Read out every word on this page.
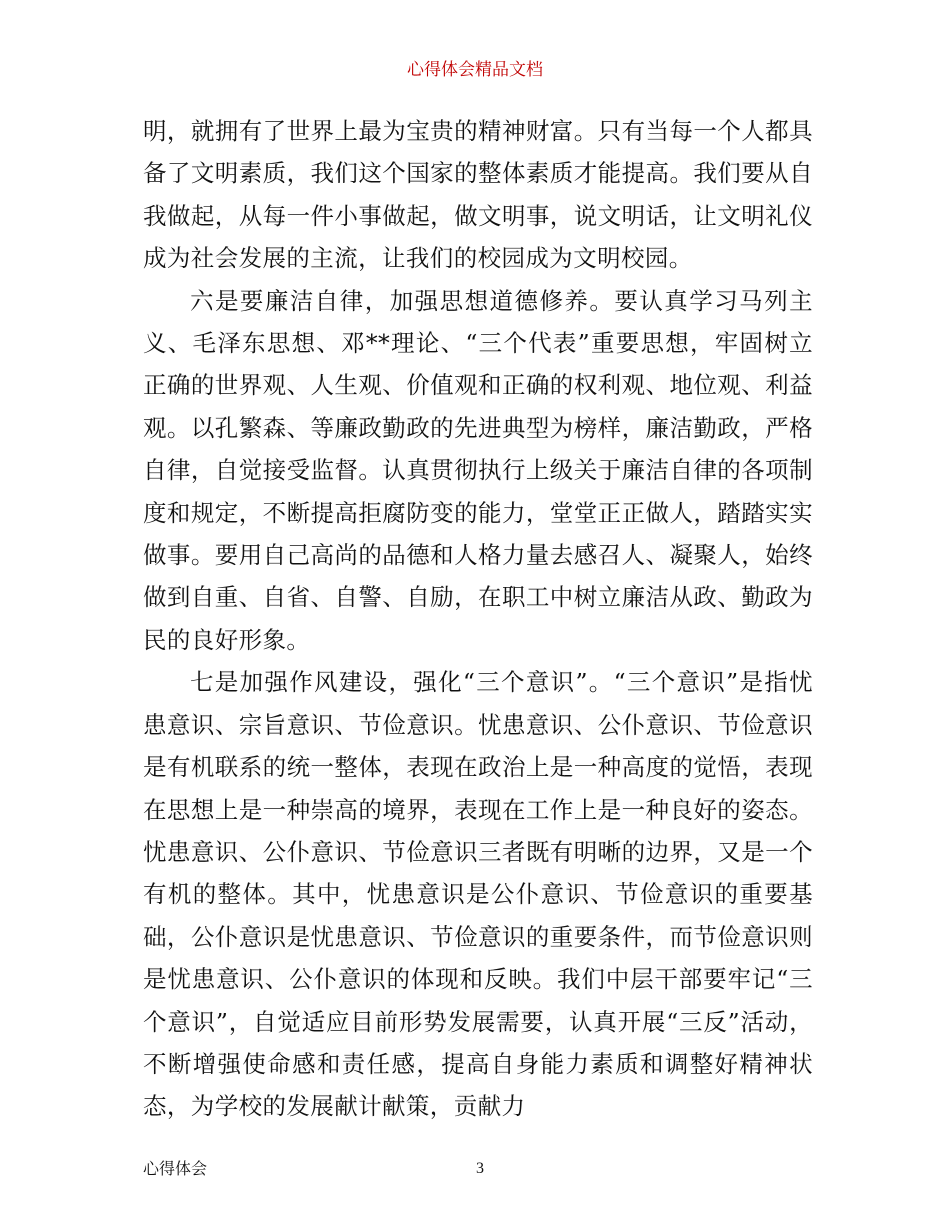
心得体会精品文档

明，就拥有了世界上最为宝贵的精神财富。只有当每一个人都具备了文明素质，我们这个国家的整体素质才能提高。我们要从自我做起，从每一件小事做起，做文明事，说文明话，让文明礼仪成为社会发展的主流，让我们的校园成为文明校园。

六是要廉洁自律，加强思想道德修养。要认真学习马列主义、毛泽东思想、邓**理论、“三个代表”重要思想，牢固树立正确的世界观、人生观、价值观和正确的权利观、地位观、利益观。以孔繁森、等廉政勤政的先进典型为榜样，廉洁勤政，严格自律，自觉接受监督。认真贯彻执行上级关于廉洁自律的各项制度和规定，不断提高拒腐防变的能力，堂堂正正做人，踏踏实实做事。要用自己高尚的品德和人格力量去感召人、凝聚人，始终做到自重、自省、自警、自励，在职工中树立廉洁从政、勤政为民的良好形象。

七是加强作风建设，强化“三个意识”。“三个意识”是指忧患意识、宗旨意识、节俭意识。忧患意识、公仆意识、节俭意识是有机联系的统一整体，表现在政治上是一种高度的觉悟，表现在思想上是一种崇高的境界，表现在工作上是一种良好的姿态。忧患意识、公仆意识、节俭意识三者既有明晰的边界，又是一个有机的整体。其中，忧患意识是公仆意识、节俭意识的重要基础，公仆意识是忧患意识、节俭意识的重要条件，而节俭意识则是忧患意识、公仆意识的体现和反映。我们中层干部要牢记“三个意识”，自觉适应目前形势发展需要，认真开展“三反”活动，不断增强使命感和责任感，提高自身能力素质和调整好精神状态，为学校的发展献计献策，贡献力

心得体会	3
